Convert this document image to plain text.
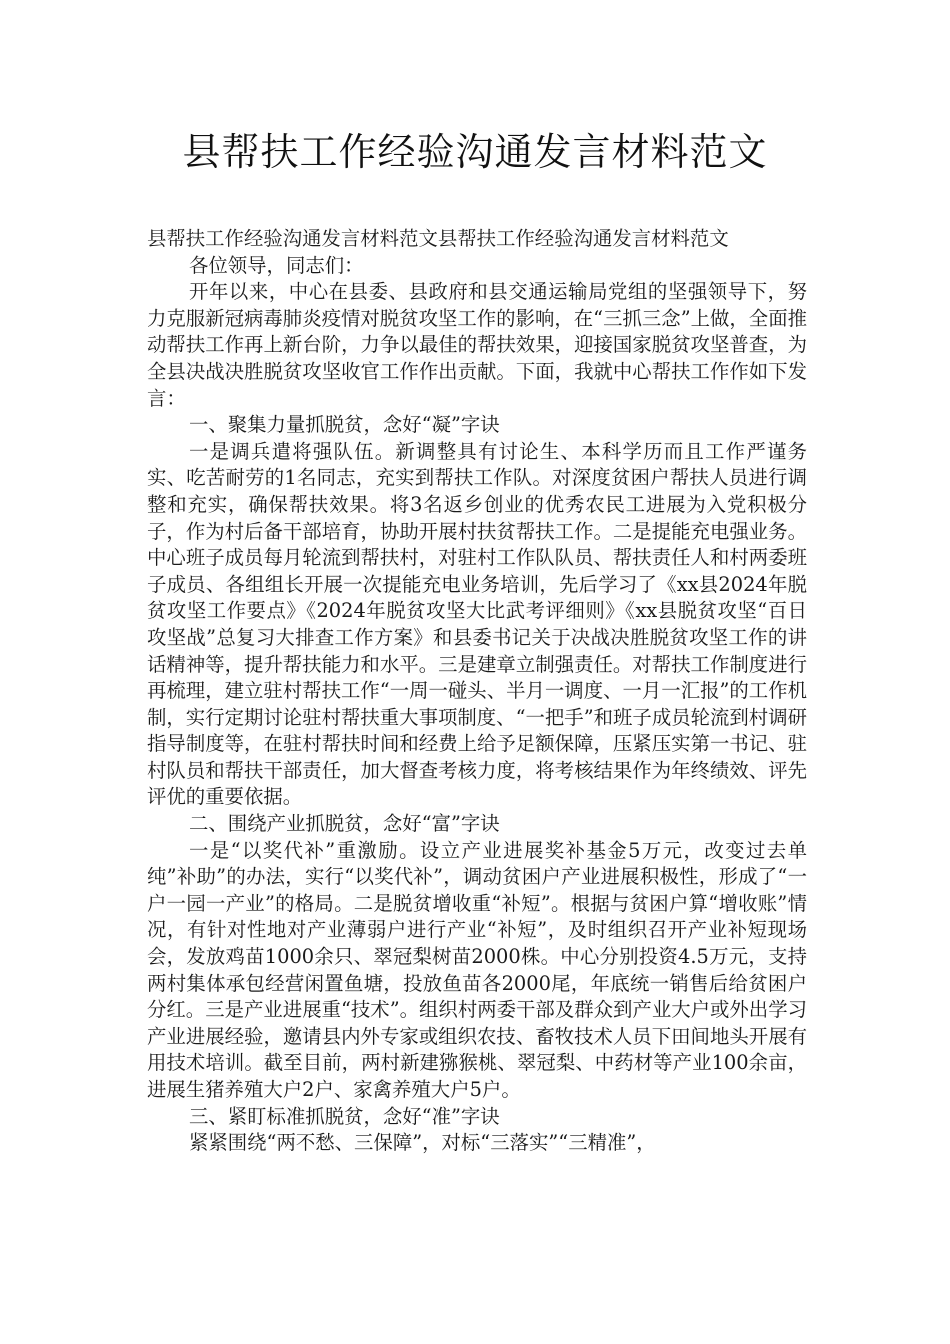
县帮扶工作经验沟通发言材料范文

县帮扶工作经验沟通发言材料范文县帮扶工作经验沟通发言材料范文

各位领导，同志们：

开年以来，中心在县委、县政府和县交通运输局党组的坚强领导下，努力克服新冠病毒肺炎疫情对脱贫攻坚工作的影响，在“三抓三念”上做，全面推动帮扶工作再上新台阶，力争以最佳的帮扶效果，迎接国家脱贫攻坚普查，为全县决战决胜脱贫攻坚收官工作作出贡献。下面，我就中心帮扶工作作如下发言：

一、聚集力量抓脱贫，念好“凝”字诀

一是调兵遣将强队伍。新调整具有讨论生、本科学历而且工作严谨务实、吃苦耐劳的1名同志，充实到帮扶工作队。对深度贫困户帮扶人员进行调整和充实，确保帮扶效果。将3名返乡创业的优秀农民工进展为入党积极分子，作为村后备干部培育，协助开展村扶贫帮扶工作。二是提能充电强业务。中心班子成员每月轮流到帮扶村，对驻村工作队队员、帮扶责任人和村两委班子成员、各组组长开展一次提能充电业务培训，先后学习了《xx县2024年脱贫攻坚工作要点》《2024年脱贫攻坚大比武考评细则》《xx县脱贫攻坚“百日攻坚战”总复习大排查工作方案》和县委书记关于决战决胜脱贫攻坚工作的讲话精神等，提升帮扶能力和水平。三是建章立制强责任。对帮扶工作制度进行再梳理，建立驻村帮扶工作“一周一碰头、半月一调度、一月一汇报”的工作机制，实行定期讨论驻村帮扶重大事项制度、“一把手”和班子成员轮流到村调研指导制度等，在驻村帮扶时间和经费上给予足额保障，压紧压实第一书记、驻村队员和帮扶干部责任，加大督查考核力度，将考核结果作为年终绩效、评先评优的重要依据。

二、围绕产业抓脱贫，念好“富”字诀

一是“以奖代补”重激励。设立产业进展奖补基金5万元，改变过去单纯”补助”的办法，实行“以奖代补”，调动贫困户产业进展积极性，形成了“一户一园一产业”的格局。二是脱贫增收重“补短”。根据与贫困户算“增收账”情况，有针对性地对产业薄弱户进行产业“补短”，及时组织召开产业补短现场会，发放鸡苗1000余只、翠冠梨树苗2000株。中心分别投资4.5万元，支持两村集体承包经营闲置鱼塘，投放鱼苗各2000尾，年底统一销售后给贫困户分红。三是产业进展重“技术”。组织村两委干部及群众到产业大户或外出学习产业进展经验，邀请县内外专家或组织农技、畜牧技术人员下田间地头开展有用技术培训。截至目前，两村新建猕猴桃、翠冠梨、中药材等产业100余亩，进展生猪养殖大户2户、家禽养殖大户5户。

三、紧盯标准抓脱贫，念好“准”字诀

紧紧围绕“两不愁、三保障”，对标“三落实”“三精准”，
